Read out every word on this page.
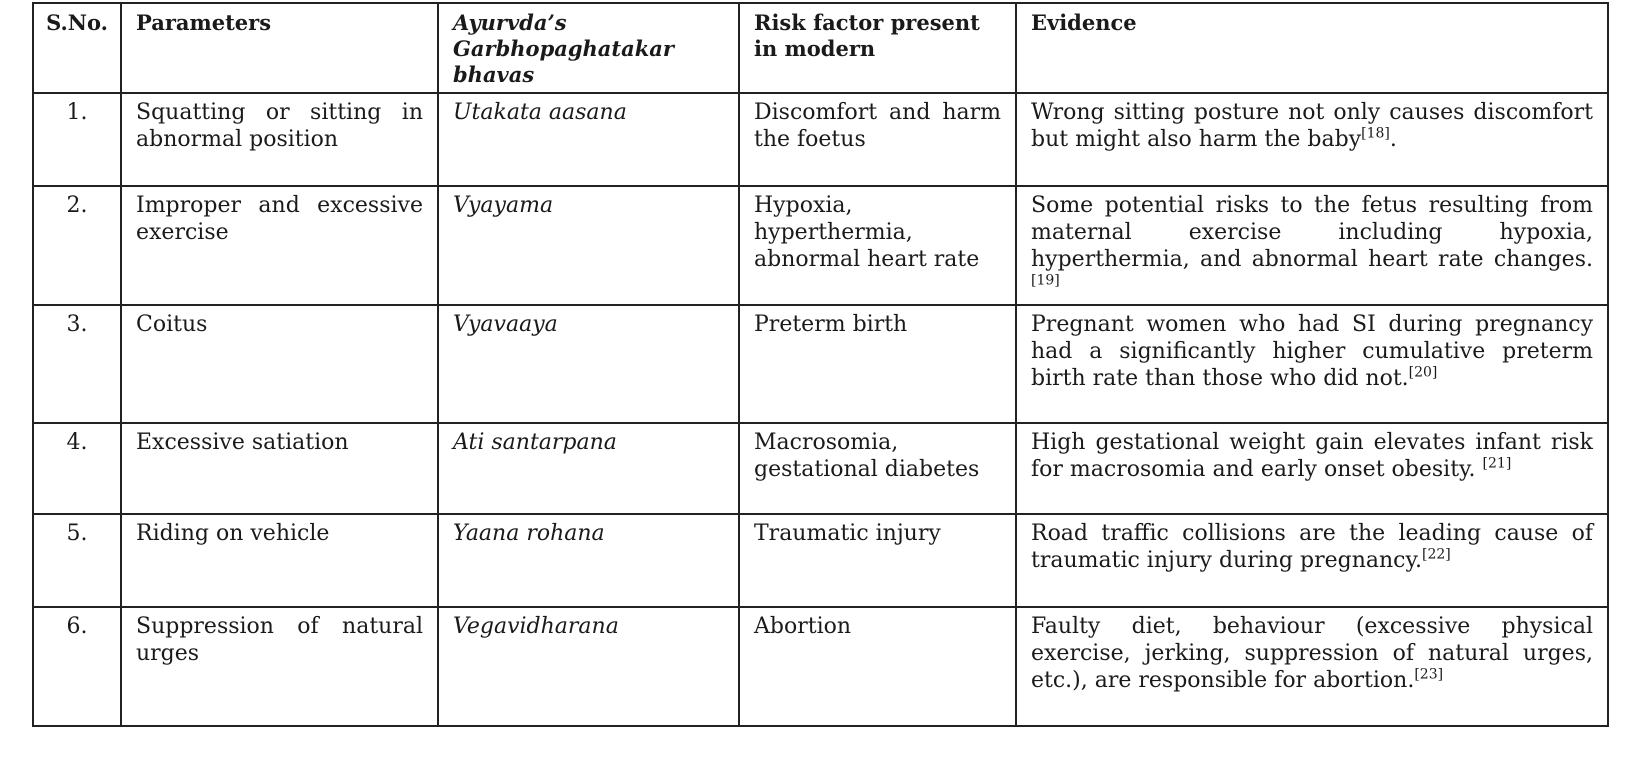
S.No.	Parameters	Ayurvda’s Garbhopaghatakar bhavas	Risk factor present in modern	Evidence
1.	Squatting or sitting in abnormal position	Utakata aasana	Discomfort and harm the foetus	Wrong sitting posture not only causes discomfort but might also harm the baby[18].
2.	Improper and excessive exercise	Vyayama	Hypoxia, hyperthermia, abnormal heart rate	Some potential risks to the fetus resulting from maternal exercise including hypoxia, hyperthermia, and abnormal heart rate changes.[19]
3.	Coitus	Vyavaaya	Preterm birth	Pregnant women who had SI during pregnancy had a significantly higher cumulative preterm birth rate than those who did not.[20]
4.	Excessive satiation	Ati santarpana	Macrosomia, gestational diabetes	High gestational weight gain elevates infant risk for macrosomia and early onset obesity. [21]
5.	Riding on vehicle	Yaana rohana	Traumatic injury	Road traffic collisions are the leading cause of traumatic injury during pregnancy.[22]
6.	Suppression of natural urges	Vegavidharana	Abortion	Faulty diet, behaviour (excessive physical exercise, jerking, suppression of natural urges, etc.), are responsible for abortion.[23]
